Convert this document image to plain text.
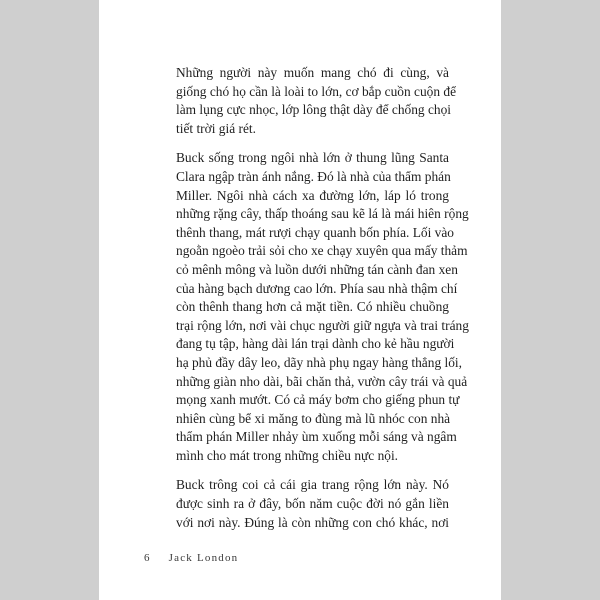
Những người này muốn mang chó đi cùng, và
giống chó họ cần là loài to lớn, cơ bắp cuồn cuộn để
làm lụng cực nhọc, lớp lông thật dày để chống chọi
tiết trời giá rét.

Buck sống trong ngôi nhà lớn ở thung lũng Santa
Clara ngập tràn ánh nắng. Đó là nhà của thẩm phán
Miller. Ngôi nhà cách xa đường lớn, láp ló trong
những rặng cây, thấp thoáng sau kẽ lá là mái hiên rộng
thênh thang, mát rượi chạy quanh bốn phía. Lối vào
ngoằn ngoèo trải sỏi cho xe chạy xuyên qua mấy thảm
cỏ mênh mông và luồn dưới những tán cành đan xen
của hàng bạch dương cao lớn. Phía sau nhà thậm chí
còn thênh thang hơn cả mặt tiền. Có nhiều chuồng
trại rộng lớn, nơi vài chục người giữ ngựa và trai tráng
đang tụ tập, hàng dài lán trại dành cho kẻ hầu người
hạ phủ đầy dây leo, dãy nhà phụ ngay hàng thẳng lối,
những giàn nho dài, bãi chăn thả, vườn cây trái và quả
mọng xanh mướt. Có cả máy bơm cho giếng phun tự
nhiên cùng bể xi măng to đùng mà lũ nhóc con nhà
thẩm phán Miller nhảy ùm xuống mỗi sáng và ngâm
mình cho mát trong những chiều nực nội.

Buck trông coi cả cái gia trang rộng lớn này. Nó
được sinh ra ở đây, bốn năm cuộc đời nó gắn liền
với nơi này. Đúng là còn những con chó khác, nơi

6 Jack London
